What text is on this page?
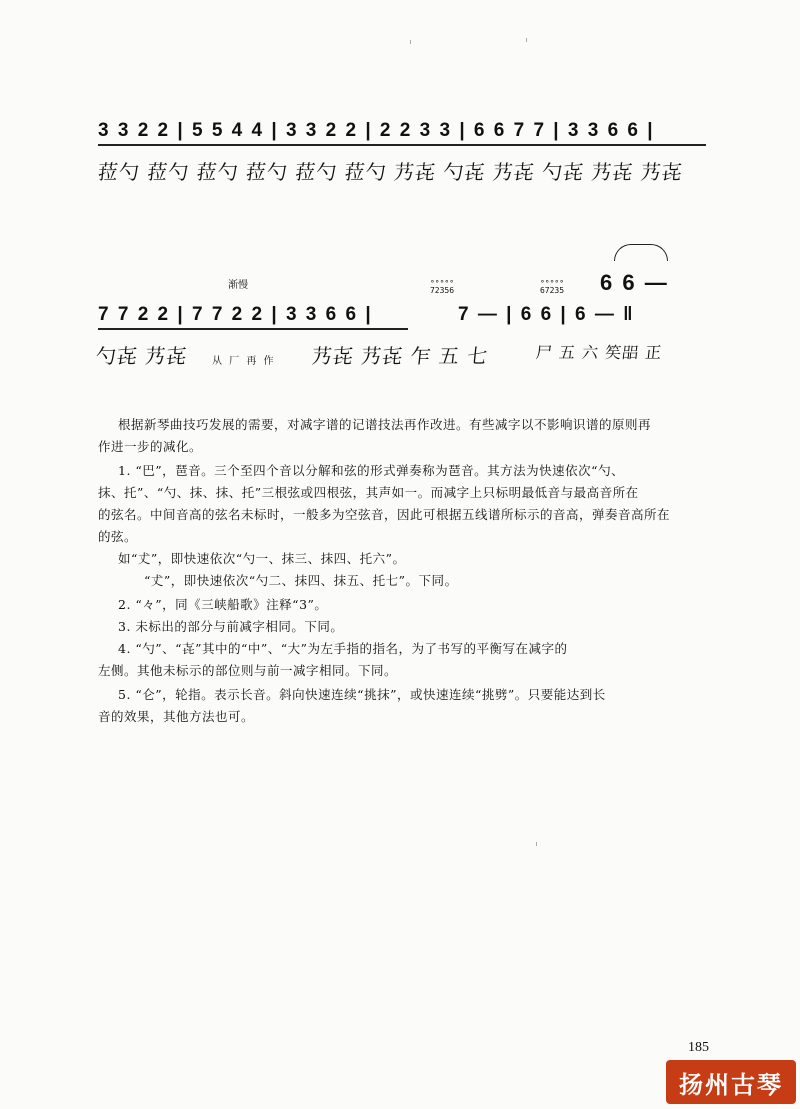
3 3 2 2 | 5 5 4 4 | 3 3 2 2 | 2 2 3 3 | 6 6 7 7 | 3 3 6 6 |
菈勺 菈勺 菈勺 菈勺 菈勺 菈勺 艿㐂 勺㐂 艿㐂 勺㐂 艿㐂 艿㐂
渐慢	°°°°°
72356
°°°°°
67235	6 6 —
7 7 2 2 | 7 7 2 2 | 3 3 6 6 |	7 — | 6 6 | 6 — ‖
勺㐂 艿㐂 从 厂 再 作 艿㐂 艿㐂 乍 五 七	尸 五 六 笶㗊 正
根据新琴曲技巧发展的需要，对减字谱的记谱技法再作改进。有些减字以不影响识谱的原则再
作进一步的减化。
1. “巴”，琶音。三个至四个音以分解和弦的形式弹奏称为琶音。其方法为快速依次“勺、
抹、托”、“勺、抹、抹、托”三根弦或四根弦，其声如一。而减字上只标明最低音与最高音所在
的弦名。中间音高的弦名未标时，一般多为空弦音，因此可根据五线谱所标示的音高，弹奏音高所在
的弦。
如“𠀋”，即快速依次“勺一、抹三、抹四、托六”。
“𠀋”，即快速依次“勺二、抹四、抹五、托七”。下同。
2. “々”，同《三峡船歌》注释“3”。
3. 未标出的部分与前减字相同。下同。
4. “勺”、“㐂”其中的“中”、“大”为左手指的指名，为了书写的平衡写在减字的
左侧。其他未标示的部位则与前一减字相同。下同。
5. “仑”，轮指。表示长音。斜向快速连续“挑抹”，或快速连续“挑劈”。只要能达到长
音的效果，其他方法也可。
185
扬州古琴
